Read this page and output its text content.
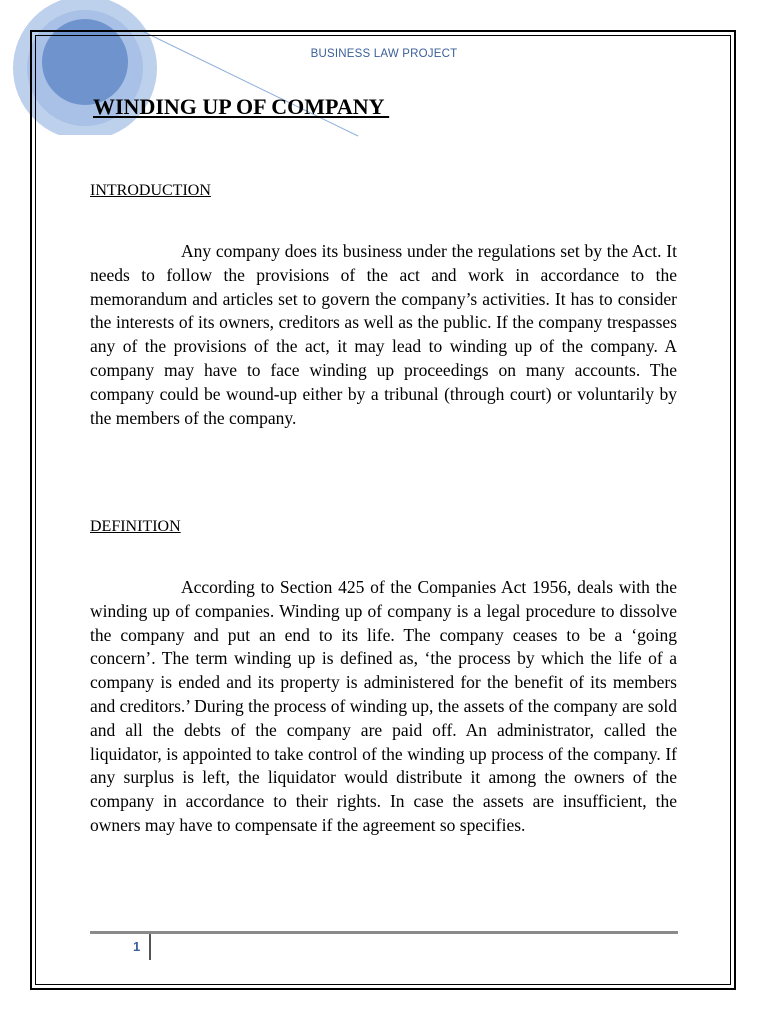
BUSINESS LAW PROJECT
WINDING UP OF COMPANY
INTRODUCTION

Any company does its business under the regulations set by the Act. It needs to follow the provisions of the act and work in accordance to the memorandum and articles set to govern the company’s activities. It has to consider the interests of its owners, creditors as well as the public. If the company trespasses any of the provisions of the act, it may lead to winding up of the company. A company may have to face winding up proceedings on many accounts. The company could be wound-up either by a tribunal (through court) or voluntarily by the members of the company.

DEFINITION

According to Section 425 of the Companies Act 1956, deals with the winding up of companies. Winding up of company is a legal procedure to dissolve the company and put an end to its life. The company ceases to be a ‘going concern’. The term winding up is defined as, ‘the process by which the life of a company is ended and its property is administered for the benefit of its members and creditors.’ During the process of winding up, the assets of the company are sold and all the debts of the company are paid off. An administrator, called the liquidator, is appointed to take control of the winding up process of the company. If any surplus is left, the liquidator would distribute it among the owners of the company in accordance to their rights. In case the assets are insufficient, the owners may have to compensate if the agreement so specifies.

1
